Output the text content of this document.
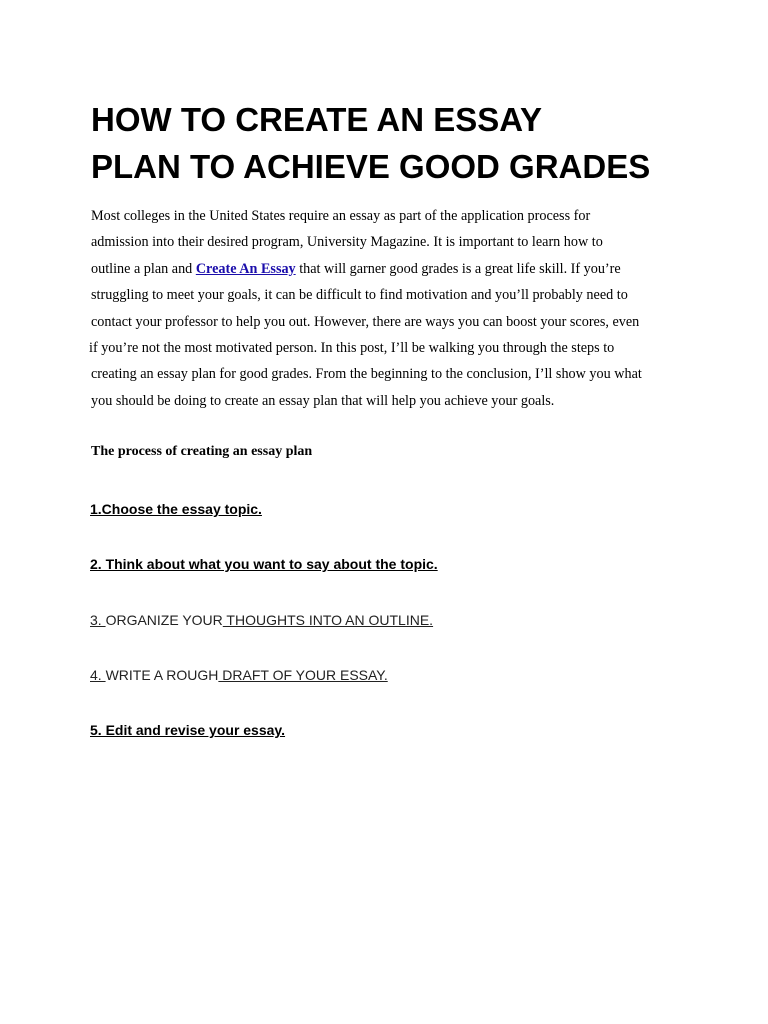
HOW TO CREATE AN ESSAY
PLAN TO ACHIEVE GOOD GRADES

Most colleges in the United States require an essay as part of the application process for
admission into their desired program, University Magazine. It is important to learn how to
outline a plan and Create An Essay that will garner good grades is a great life skill. If you’re
struggling to meet your goals, it can be difficult to find motivation and you’ll probably need to
contact your professor to help you out. However, there are ways you can boost your scores, even
if you’re not the most motivated person. In this post, I’ll be walking you through the steps to
creating an essay plan for good grades. From the beginning to the conclusion, I’ll show you what
you should be doing to create an essay plan that will help you achieve your goals.

The process of creating an essay plan

1.Choose the essay topic.

2. Think about what you want to say about the topic.

3. ORGANIZE YOUR THOUGHTS INTO AN OUTLINE.

4. WRITE A ROUGH DRAFT OF YOUR ESSAY.

5. Edit and revise your essay.
